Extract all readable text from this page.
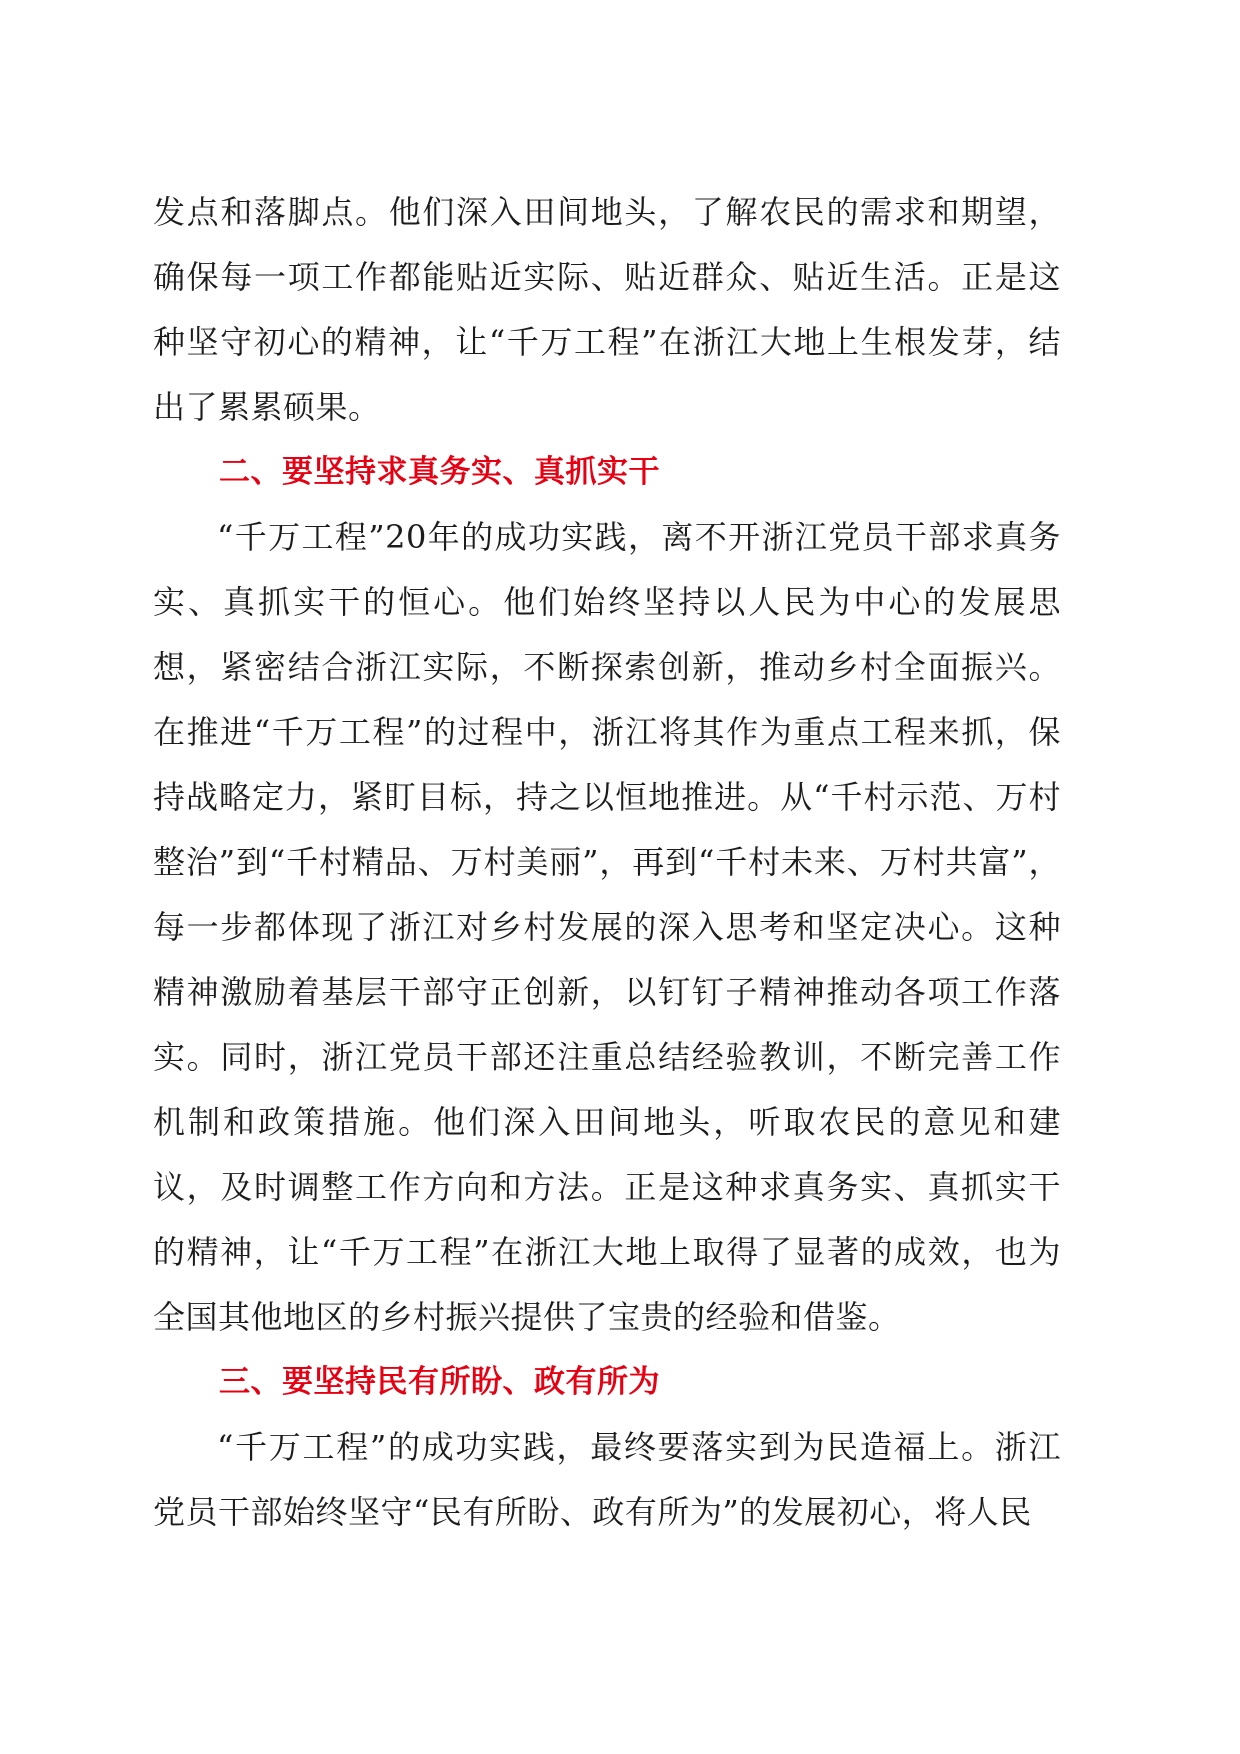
发点和落脚点。他们深入田间地头，了解农民的需求和期望，确保每一项工作都能贴近实际、贴近群众、贴近生活。正是这种坚守初心的精神，让“千万工程”在浙江大地上生根发芽，结出了累累硕果。

二、要坚持求真务实、真抓实干

“千万工程”20年的成功实践，离不开浙江党员干部求真务实、真抓实干的恒心。他们始终坚持以人民为中心的发展思想，紧密结合浙江实际，不断探索创新，推动乡村全面振兴。在推进“千万工程”的过程中，浙江将其作为重点工程来抓，保持战略定力，紧盯目标，持之以恒地推进。从“千村示范、万村整治”到“千村精品、万村美丽”，再到“千村未来、万村共富”，每一步都体现了浙江对乡村发展的深入思考和坚定决心。这种精神激励着基层干部守正创新，以钉钉子精神推动各项工作落实。同时，浙江党员干部还注重总结经验教训，不断完善工作机制和政策措施。他们深入田间地头，听取农民的意见和建议，及时调整工作方向和方法。正是这种求真务实、真抓实干的精神，让“千万工程”在浙江大地上取得了显著的成效，也为全国其他地区的乡村振兴提供了宝贵的经验和借鉴。

三、要坚持民有所盼、政有所为

“千万工程”的成功实践，最终要落实到为民造福上。浙江党员干部始终坚守“民有所盼、政有所为”的发展初心，将人民
